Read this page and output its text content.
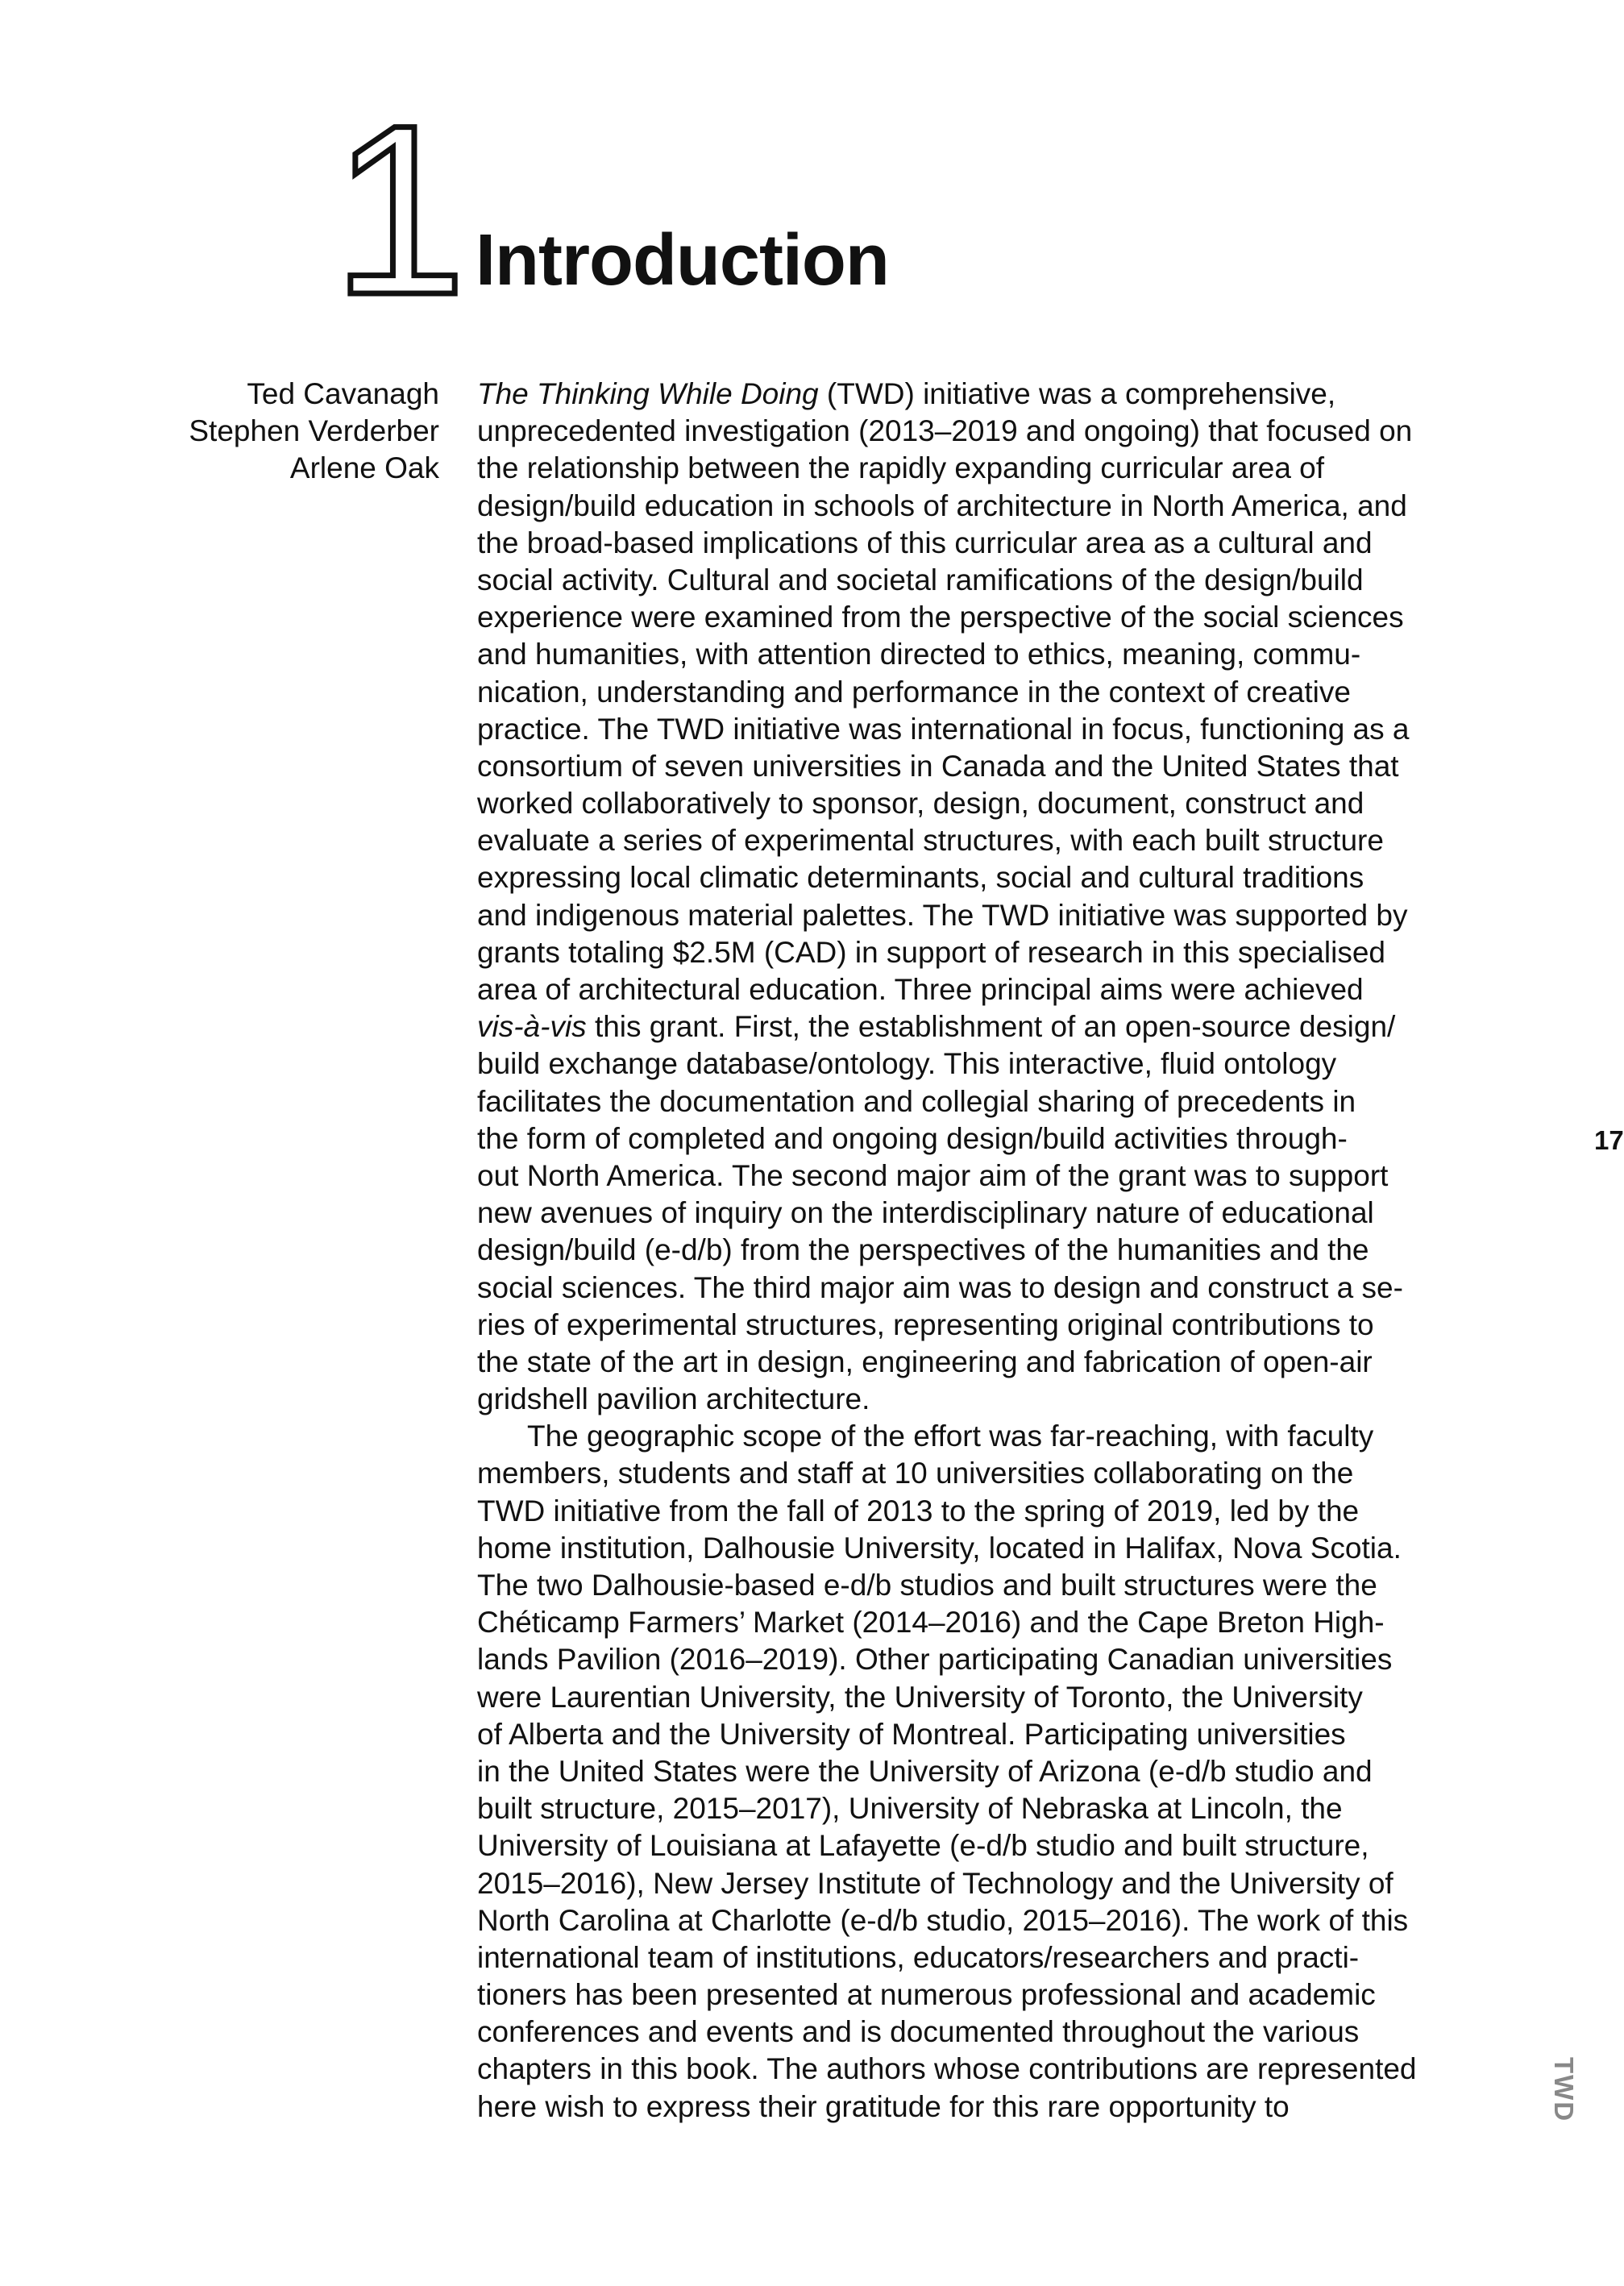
1 Introduction
Ted Cavanagh
Stephen Verderber
Arlene Oak
The Thinking While Doing (TWD) initiative was a comprehensive,
unprecedented investigation (2013–2019 and ongoing) that focused on
the relationship between the rapidly expanding curricular area of
design/build education in schools of architecture in North America, and
the broad-based implications of this curricular area as a cultural and
social activity. Cultural and societal ramifications of the design/build
experience were examined from the perspective of the social sciences
and humanities, with attention directed to ethics, meaning, commu-
nication, understanding and performance in the context of creative
practice. The TWD initiative was international in focus, functioning as a
consortium of seven universities in Canada and the United States that
worked collaboratively to sponsor, design, document, construct and
evaluate a series of experimental structures, with each built structure
expressing local climatic determinants, social and cultural traditions
and indigenous material palettes. The TWD initiative was supported by
grants totaling $2.5M (CAD) in support of research in this specialised
area of architectural education. Three principal aims were achieved
vis-à-vis this grant. First, the establishment of an open-source design/
build exchange database/ontology. This interactive, fluid ontology
facilitates the documentation and collegial sharing of precedents in
the form of completed and ongoing design/build activities through-
out North America. The second major aim of the grant was to support
new avenues of inquiry on the interdisciplinary nature of educational
design/build (e-d/b) from the perspectives of the humanities and the
social sciences. The third major aim was to design and construct a se-
ries of experimental structures, representing original contributions to
the state of the art in design, engineering and fabrication of open-air
gridshell pavilion architecture.
The geographic scope of the effort was far-reaching, with faculty
members, students and staff at 10 universities collaborating on the
TWD initiative from the fall of 2013 to the spring of 2019, led by the
home institution, Dalhousie University, located in Halifax, Nova Scotia.
The two Dalhousie-based e-d/b studios and built structures were the
Chéticamp Farmers’ Market (2014–2016) and the Cape Breton High-
lands Pavilion (2016–2019). Other participating Canadian universities
were Laurentian University, the University of Toronto, the University
of Alberta and the University of Montreal. Participating universities
in the United States were the University of Arizona (e-d/b studio and
built structure, 2015–2017), University of Nebraska at Lincoln, the
University of Louisiana at Lafayette (e-d/b studio and built structure,
2015–2016), New Jersey Institute of Technology and the University of
North Carolina at Charlotte (e-d/b studio, 2015–2016). The work of this
international team of institutions, educators/researchers and practi-
tioners has been presented at numerous professional and academic
conferences and events and is documented throughout the various
chapters in this book. The authors whose contributions are represented
here wish to express their gratitude for this rare opportunity to
17
TWD
